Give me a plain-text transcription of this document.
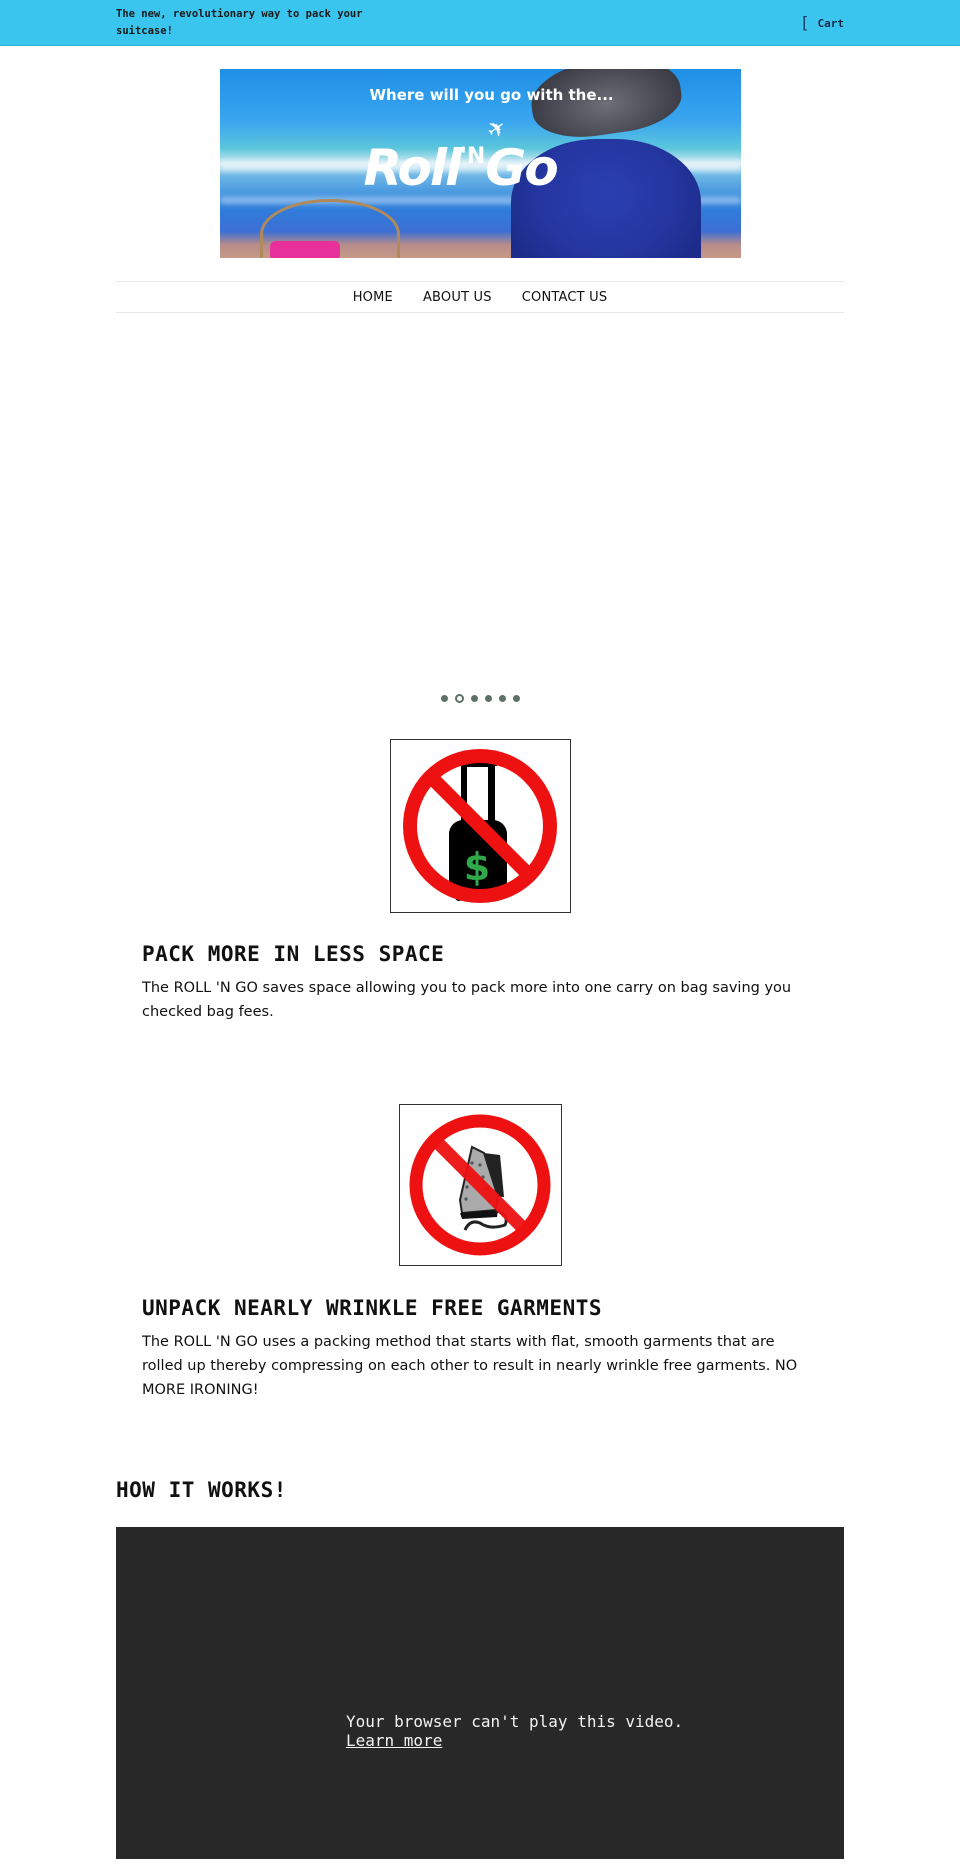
The new, revolutionary way to pack your suitcase!	[ Cart
Where will you go with the...
✈
Roll$^{'N}$Go
HOME ABOUT US CONTACT US
$
PACK MORE IN LESS SPACE

The ROLL 'N GO saves space allowing you to pack more into one carry on bag saving you checked bag fees.

UNPACK NEARLY WRINKLE FREE GARMENTS

The ROLL 'N GO uses a packing method that starts with flat, smooth garments that are rolled up thereby compressing on each other to result in nearly wrinkle free garments. NO MORE IRONING!

HOW IT WORKS!
Your browser can't play this video.
Learn more
